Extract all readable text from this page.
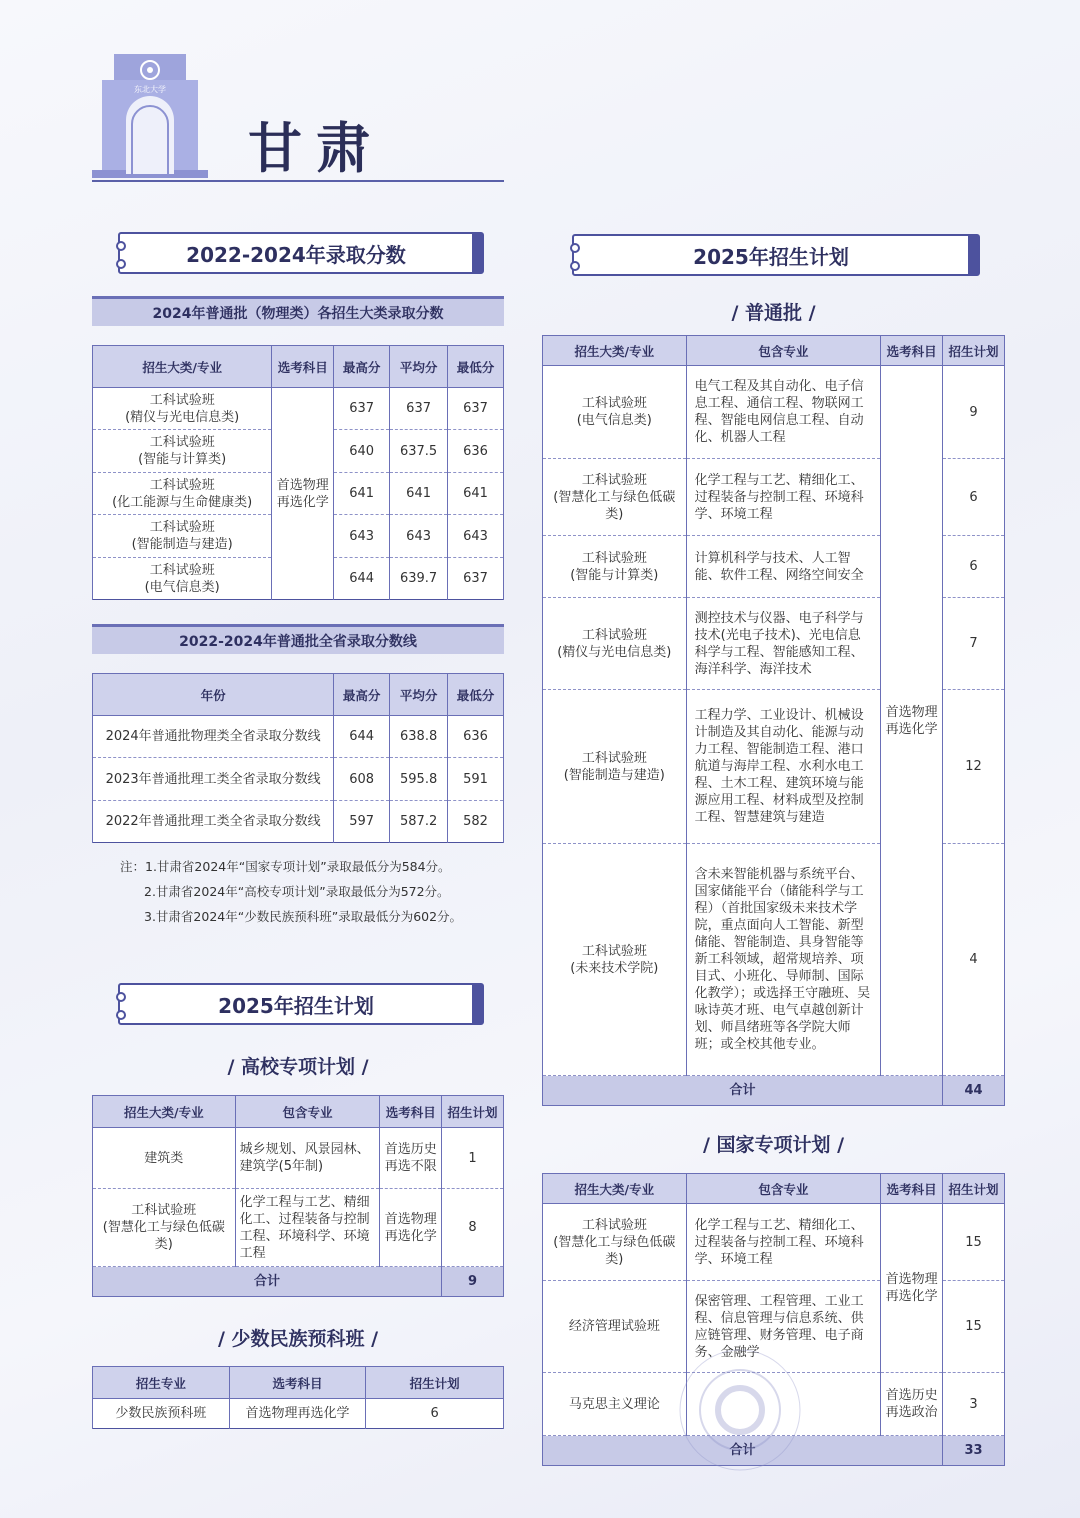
东北大学
甘肃
2022-2024年录取分数
2024年普通批（物理类）各招生大类录取分数
招生大类/专业	选考科目	最高分	平均分	最低分

工科试验班
(精仪与光电信息类)	首选物理再选化学	637	637	637

工科试验班
(智能与计算类)		640	637.5	636

工科试验班
(化工能源与生命健康类)		641	641	641

工科试验班
(智能制造与建造)		643	643	643

工科试验班
(电气信息类)		644	639.7	637
2022-2024年普通批全省录取分数线
年份	最高分	平均分	最低分
2024年普通批物理类全省录取分数线	644	638.8	636
2023年普通批理工类全省录取分数线	608	595.8	591
2022年普通批理工类全省录取分数线	597	587.2	582
注：1.甘肃省2024年“国家专项计划”录取最低分为584分。
2.甘肃省2024年“高校专项计划”录取最低分为572分。
3.甘肃省2024年“少数民族预科班”录取最低分为602分。
2025年招生计划
/ 高校专项计划 /
招生大类/专业	包含专业	选考科目	招生计划
建筑类	城乡规划、风景园林、建筑学(5年制)	首选历史再选不限	1

工科试验班
(智慧化工与绿色低碳类)	化学工程与工艺、精细化工、过程装备与控制工程、环境科学、环境工程	首选物理再选化学	8
合计			9
/ 少数民族预科班 /
招生专业	选考科目	招生计划
少数民族预科班	首选物理再选化学	6
2025年招生计划
/ 普通批 /
招生大类/专业	包含专业	选考科目	招生计划

工科试验班
(电气信息类)	电气工程及其自动化、电子信息工程、通信工程、物联网工程、智能电网信息工程、自动化、机器人工程	首选物理再选化学	9

工科试验班
(智慧化工与绿色低碳类)	化学工程与工艺、精细化工、过程装备与控制工程、环境科学、环境工程		6

工科试验班
(智能与计算类)	计算机科学与技术、人工智能、软件工程、网络空间安全		6

工科试验班
(精仪与光电信息类)	测控技术与仪器、电子科学与技术(光电子技术)、光电信息科学与工程、智能感知工程、海洋科学、海洋技术		7

工科试验班
(智能制造与建造)	工程力学、工业设计、机械设计制造及其自动化、能源与动力工程、智能制造工程、港口航道与海岸工程、水利水电工程、土木工程、建筑环境与能源应用工程、材料成型及控制工程、智慧建筑与建造		12

工科试验班
(未来技术学院)	含未来智能机器与系统平台、国家储能平台（储能科学与工程）（首批国家级未来技术学院，重点面向人工智能、新型储能、智能制造、具身智能等新工科领域，超常规培养、项目式、小班化、导师制、国际化教学）；或选择王守融班、吴咏诗英才班、电气卓越创新计划、师昌绪班等各学院大师班；或全校其他专业。		4
合计			44
/ 国家专项计划 /
招生大类/专业	包含专业	选考科目	招生计划

工科试验班
(智慧化工与绿色低碳类)	化学工程与工艺、精细化工、过程装备与控制工程、环境科学、环境工程	首选物理再选化学	15
经济管理试验班	保密管理、工程管理、工业工程、信息管理与信息系统、供应链管理、财务管理、电子商务、金融学		15
马克思主义理论		首选历史再选政治	3
合计			33
